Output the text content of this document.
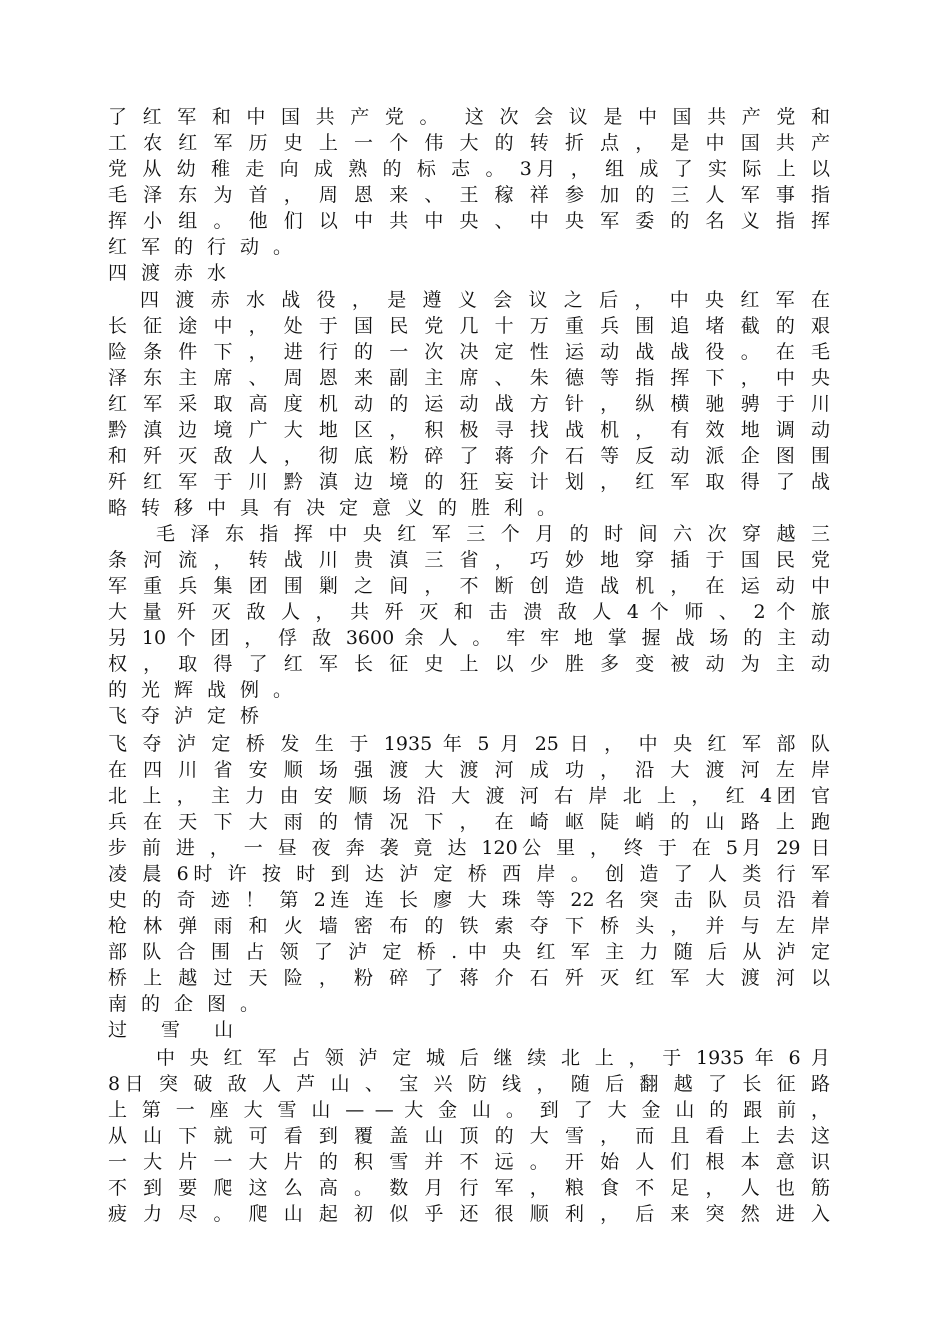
了 红 军 和 中 国 共 产 党 。  这 次 会 议 是 中 国 共 产 党 和
工 农 红 军 历 史 上 一 个 伟 大 的 转 折 点 ， 是 中 国 共 产
党 从 幼 稚 走 向 成 熟 的 标 志 。 3月 ， 组 成 了 实 际 上 以
毛 泽 东 为 首 ， 周 恩 来 、 王 稼 祥 参 加 的 三 人 军 事 指
挥 小 组 。 他 们 以 中 共 中 央 、 中 央 军 委 的 名 义 指 挥
红军的行动。
四渡赤水
四 渡 赤 水 战 役 ， 是 遵 义 会 议 之 后 ， 中 央 红 军 在
长 征 途 中 ， 处 于 国 民 党 几 十 万 重 兵 围 追 堵 截 的 艰
险 条 件 下 ， 进 行 的 一 次 决 定 性 运 动 战 战 役 。 在 毛
泽 东 主 席 、 周 恩 来 副 主 席 、 朱 德 等 指 挥 下 ， 中 央
红 军 采 取 高 度 机 动 的 运 动 战 方 针 ， 纵 横 驰 骋 于 川
黔 滇 边 境 广 大 地 区 ， 积 极 寻 找 战 机 ， 有 效 地 调 动
和 歼 灭 敌 人 ， 彻 底 粉 碎 了 蒋 介 石 等 反 动 派 企 图 围
歼 红 军 于 川 黔 滇 边 境 的 狂 妄 计 划 ， 红 军 取 得 了 战
略转移中具有决定意义的胜利。
毛 泽 东 指 挥 中 央 红 军 三 个 月 的 时 间 六 次 穿 越 三
条 河 流 ， 转 战 川 贵 滇 三 省 ， 巧 妙 地 穿 插 于 国 民 党
军 重 兵 集 团 围 剿 之 间 ， 不 断 创 造 战 机 ， 在 运 动 中
大 量 歼 灭 敌 人 ， 共 歼 灭 和 击 溃 敌 人 4 个 师 、 2 个 旅
另 10 个 团 ， 俘 敌 3600 余 人 。 牢 牢 地 掌 握 战 场 的 主 动
权 ， 取 得 了 红 军 长 征 史 上 以 少 胜 多 变 被 动 为 主 动
的光辉战例。
飞夺泸定桥
飞 夺 泸 定 桥 发 生 于 1935 年 5 月 25 日 ， 中 央 红 军 部 队
在 四 川 省 安 顺 场 强 渡 大 渡 河 成 功 ， 沿 大 渡 河 左 岸
北 上 ， 主 力 由 安 顺 场 沿 大 渡 河 右 岸 北 上 ， 红 4团 官
兵 在 天 下 大 雨 的 情 况 下 ， 在 崎 岖 陡 峭 的 山 路 上 跑
步 前 进 ， 一 昼 夜 奔 袭 竟 达 120公 里 ， 终 于 在 5月 29 日
凌 晨 6时 许 按 时 到 达 泸 定 桥 西 岸 。 创 造 了 人 类 行 军
史 的 奇 迹 ！ 第 2连 连 长 廖 大 珠 等 22 名 突 击 队 员 沿 着
枪 林 弹 雨 和 火 墙 密 布 的 铁 索 夺 下 桥 头 ， 并 与 左 岸
部 队 合 围 占 领 了 泸 定 桥 . 中 央 红 军 主 力 随 后 从 泸 定
桥 上 越 过 天 险 ， 粉 碎 了 蒋 介 石 歼 灭 红 军 大 渡 河 以
南的企图。
过 雪 山
中 央 红 军 占 领 泸 定 城 后 继 续 北 上 ， 于 1935 年 6 月
8日 突 破 敌 人 芦 山 、 宝 兴 防 线 ， 随 后 翻 越 了 长 征 路
上 第 一 座 大 雪 山 — — 大 金 山 。 到 了 大 金 山 的 跟 前 ，
从 山 下 就 可 看 到 覆 盖 山 顶 的 大 雪 ， 而 且 看 上 去 这
一 大 片 一 大 片 的 积 雪 并 不 远 。 开 始 人 们 根 本 意 识
不 到 要 爬 这 么 高 。 数 月 行 军 ， 粮 食 不 足 ， 人 也 筋
疲 力 尽 。 爬 山 起 初 似 乎 还 很 顺 利 ， 后 来 突 然 进 入
